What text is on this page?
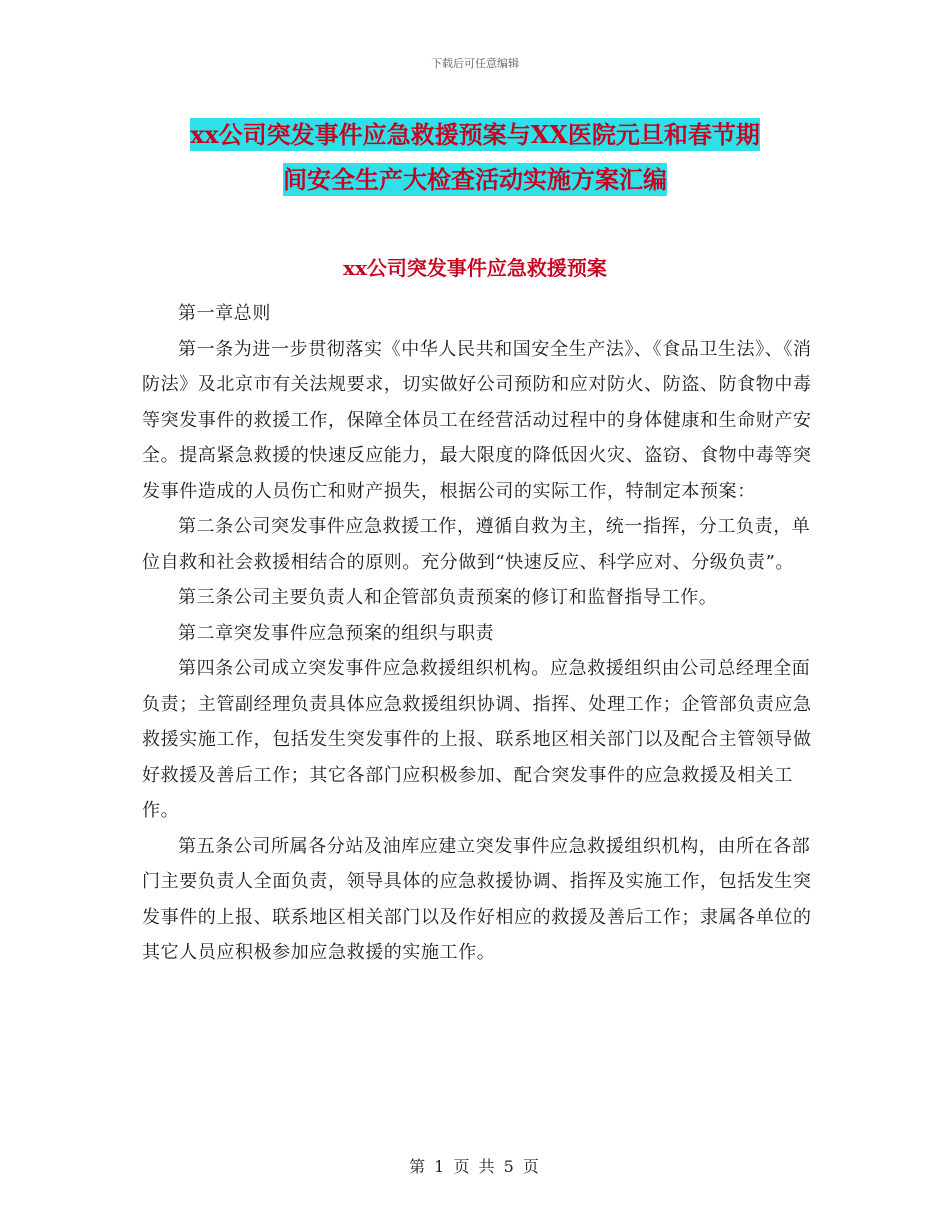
下载后可任意编辑
xx公司突发事件应急救援预案与XX医院元旦和春节期
间安全生产大检查活动实施方案汇编
xx公司突发事件应急救援预案

第一章总则

第一条为进一步贯彻落实《中华人民共和国安全生产法》、《食品卫生法》、《消防法》及北京市有关法规要求，切实做好公司预防和应对防火、防盗、防食物中毒等突发事件的救援工作，保障全体员工在经营活动过程中的身体健康和生命财产安全。提高紧急救援的快速反应能力，最大限度的降低因火灾、盗窃、食物中毒等突发事件造成的人员伤亡和财产损失，根据公司的实际工作，特制定本预案：

第二条公司突发事件应急救援工作，遵循自救为主，统一指挥，分工负责，单位自救和社会救援相结合的原则。充分做到“快速反应、科学应对、分级负责”。

第三条公司主要负责人和企管部负责预案的修订和监督指导工作。

第二章突发事件应急预案的组织与职责

第四条公司成立突发事件应急救援组织机构。应急救援组织由公司总经理全面负责；主管副经理负责具体应急救援组织协调、指挥、处理工作；企管部负责应急救援实施工作，包括发生突发事件的上报、联系地区相关部门以及配合主管领导做好救援及善后工作；其它各部门应积极参加、配合突发事件的应急救援及相关工作。

第五条公司所属各分站及油库应建立突发事件应急救援组织机构，由所在各部门主要负责人全面负责，领导具体的应急救援协调、指挥及实施工作，包括发生突发事件的上报、联系地区相关部门以及作好相应的救援及善后工作；隶属各单位的其它人员应积极参加应急救援的实施工作。

第 1 页 共 5 页
